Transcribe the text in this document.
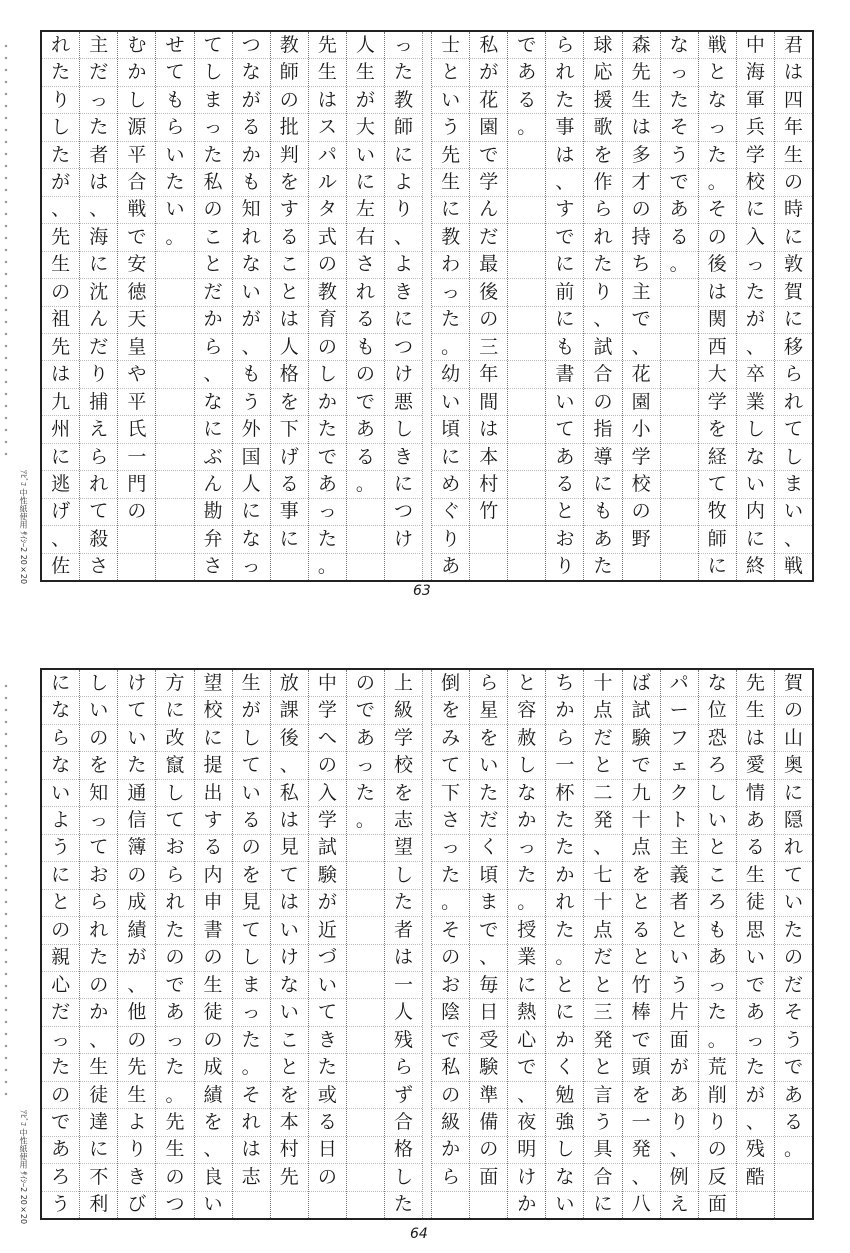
君
は
四
年
生
の
時
に
敦
賀
に
移
ら
れ
て
し
ま
い
、
戦
中
海
軍
兵
学
校
に
入
っ
た
が
、
卒
業
し
な
い
内
に
終
戦
と
な
っ
た
。
そ
の
後
は
関
西
大
学
を
経
て
牧
師
に
な
っ
た
そ
う
で
あ
る
。
森
先
生
は
多
才
の
持
ち
主
で
、
花
園
小
学
校
の
野
球
応
援
歌
を
作
ら
れ
た
り
、
試
合
の
指
導
に
も
あ
た
ら
れ
た
事
は
、
す
で
に
前
に
も
書
い
て
あ
る
と
お
り
で
あ
る
。
私
が
花
園
で
学
ん
だ
最
後
の
三
年
間
は
本
村
竹
士
と
い
う
先
生
に
教
わ
っ
た
。
幼
い
頃
に
め
ぐ
り
あ
っ
た
教
師
に
よ
り
、
よ
き
に
つ
け
悪
し
き
に
つ
け
人
生
が
大
い
に
左
右
さ
れ
る
も
の
で
あ
る
。
先
生
は
ス
パ
ル
タ
式
の
教
育
の
し
か
た
で
あ
っ
た
。
教
師
の
批
判
を
す
る
こ
と
は
人
格
を
下
げ
る
事
に
つ
な
が
る
か
も
知
れ
な
い
が
、
も
う
外
国
人
に
な
っ
て
し
ま
っ
た
私
の
こ
と
だ
か
ら
、
な
に
ぶ
ん
勘
弁
さ
せ
て
も
ら
い
た
い
。
む
か
し
源
平
合
戦
で
安
徳
天
皇
や
平
氏
一
門
の
主
だ
っ
た
者
は
、
海
に
沈
ん
だ
り
捕
え
ら
れ
て
殺
さ
れ
た
り
し
た
が
、
先
生
の
祖
先
は
九
州
に
逃
げ
、
佐
63
ｱﾋﾞｺ 中性紙使用 ｻｲｼｰ2 20×20
賀
の
山
奥
に
隠
れ
て
い
た
の
だ
そ
う
で
あ
る
。
先
生
は
愛
情
あ
る
生
徒
思
い
で
あ
っ
た
が
、
残
酷
な
位
恐
ろ
し
い
と
こ
ろ
も
あ
っ
た
。
荒
削
り
の
反
面
パ
ー
フ
ェ
ク
ト
主
義
者
と
い
う
片
面
が
あ
り
、
例
え
ば
試
験
で
九
十
点
を
と
る
と
竹
棒
で
頭
を
一
発
、
八
十
点
だ
と
二
発
、
七
十
点
だ
と
三
発
と
言
う
具
合
に
ち
か
ら
一
杯
た
た
か
れ
た
。
と
に
か
く
勉
強
し
な
い
と
容
赦
し
な
か
っ
た
。
授
業
に
熱
心
で
、
夜
明
け
か
ら
星
を
い
た
だ
く
頃
ま
で
、
毎
日
受
験
準
備
の
面
倒
を
み
て
下
さ
っ
た
。
そ
の
お
陰
で
私
の
級
か
ら
上
級
学
校
を
志
望
し
た
者
は
一
人
残
ら
ず
合
格
し
た
の
で
あ
っ
た
。
中
学
へ
の
入
学
試
験
が
近
づ
い
て
き
た
或
る
日
の
放
課
後
、
私
は
見
て
は
い
け
な
い
こ
と
を
本
村
先
生
が
し
て
い
る
の
を
見
て
し
ま
っ
た
。
そ
れ
は
志
望
校
に
提
出
す
る
内
申
書
の
生
徒
の
成
績
を
、
良
い
方
に
改
竄
し
て
お
ら
れ
た
の
で
あ
っ
た
。
先
生
の
つ
け
て
い
た
通
信
簿
の
成
績
が
、
他
の
先
生
よ
り
き
び
し
い
の
を
知
っ
て
お
ら
れ
た
の
か
、
生
徒
達
に
不
利
に
な
ら
な
い
よ
う
に
と
の
親
心
だ
っ
た
の
で
あ
ろ
う
64
ｱﾋﾞｺ 中性紙使用 ｻｲｼｰ2 20×20
